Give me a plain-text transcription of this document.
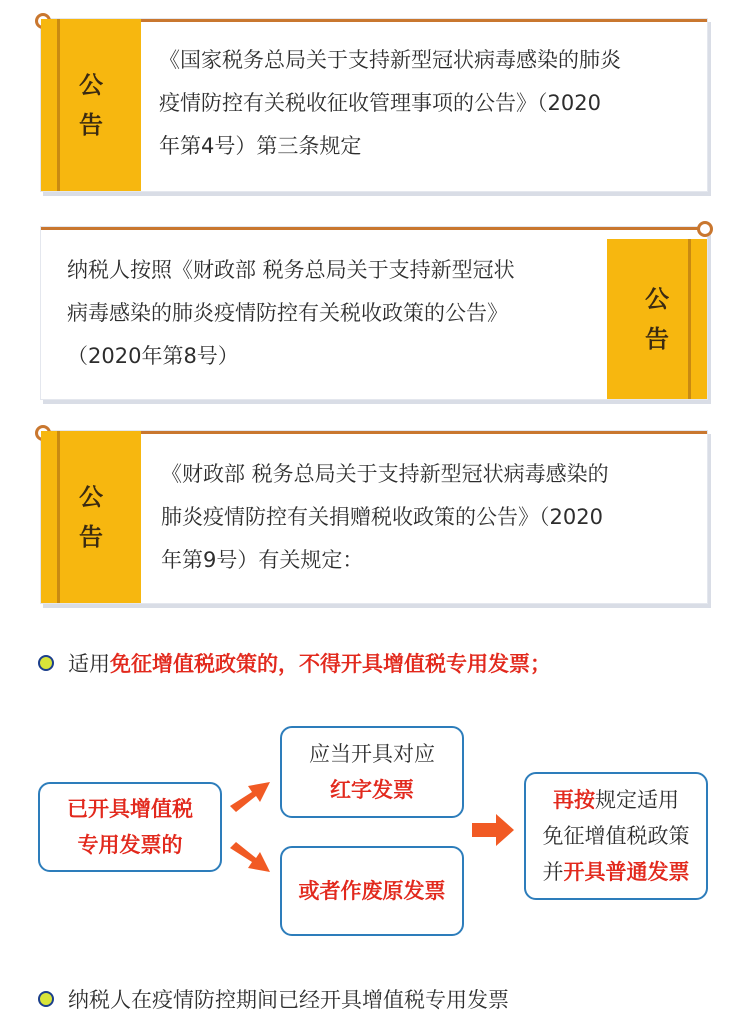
公
告
《国家税务总局关于支持新型冠状病毒感染的肺炎
疫情防控有关税收征收管理事项的公告》（2020
年第4号）第三条规定
公
告
纳税人按照《财政部 税务总局关于支持新型冠状
病毒感染的肺炎疫情防控有关税收政策的公告》
（2020年第8号）
公
告
《财政部 税务总局关于支持新型冠状病毒感染的
肺炎疫情防控有关捐赠税收政策的公告》（2020
年第9号）有关规定：
适用 免征增值税政策的，不得开具增值税专用发票；
已开具增值税
专用发票的
应当开具对应
红字发票
或者作废原发票
再按规定适用
免征增值税政策
并开具普通发票
纳税人在疫情防控期间已经开具增值税专用发票
